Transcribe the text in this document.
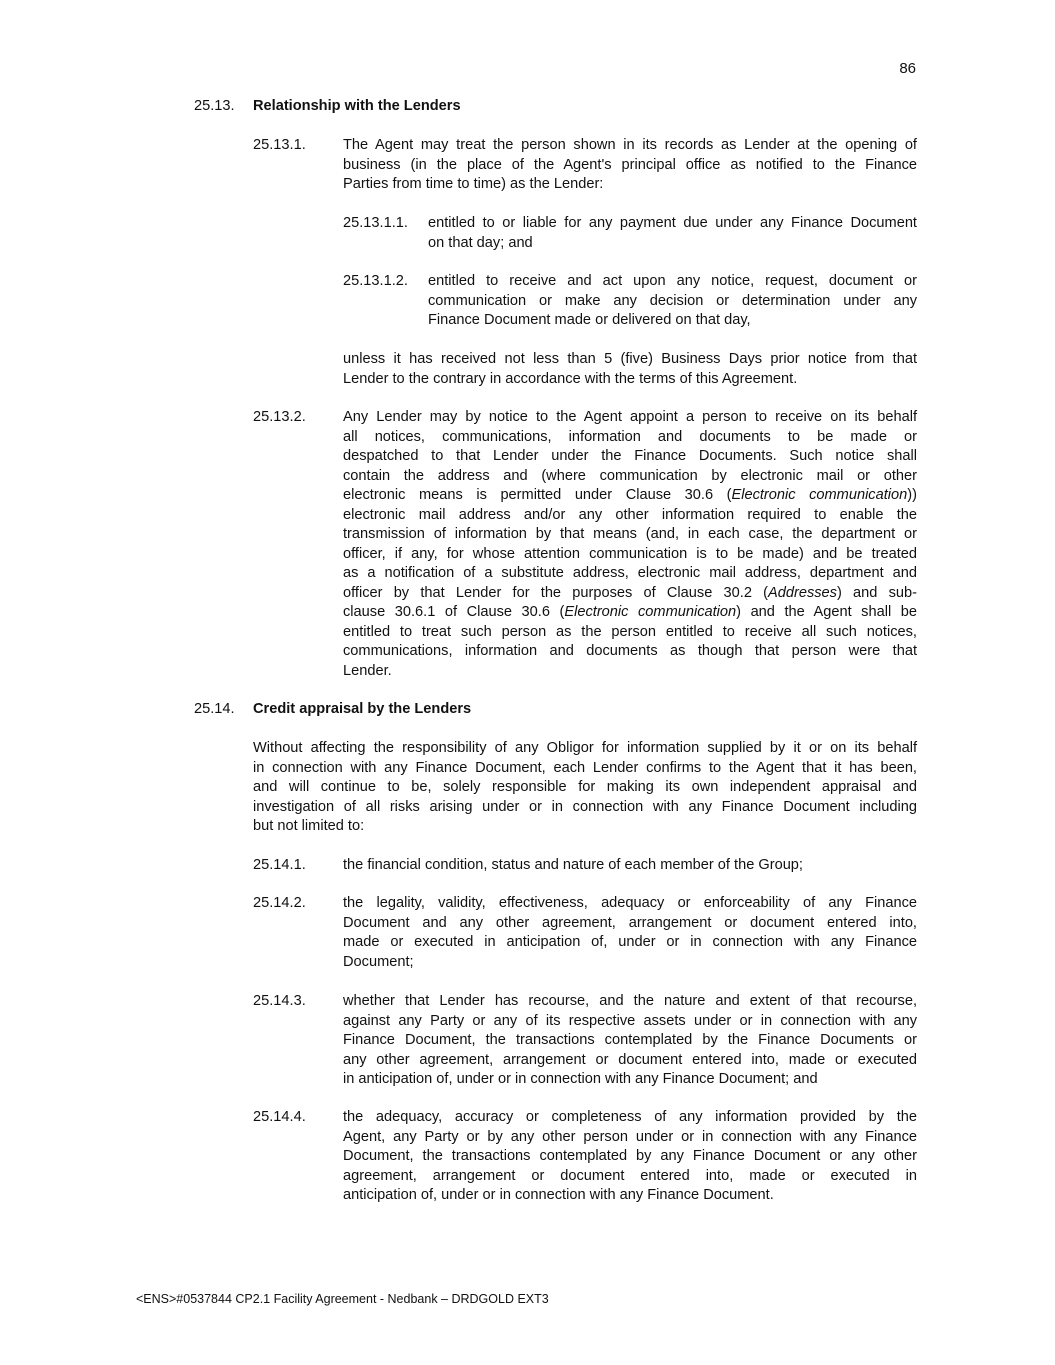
86
25.13. Relationship with the Lenders
25.13.1.	The Agent may treat the person shown in its records as Lender at the opening of
business (in the place of the Agent's principal office as notified to the Finance
Parties from time to time) as the Lender:
25.13.1.1. entitled to or liable for any payment due under any Finance Document
on that day; and
25.13.1.2. entitled to receive and act upon any notice, request, document or
communication or make any decision or determination under any
Finance Document made or delivered on that day,
unless it has received not less than 5 (five) Business Days prior notice from that
Lender to the contrary in accordance with the terms of this Agreement.
25.13.2.	Any Lender may by notice to the Agent appoint a person to receive on its behalf
all notices, communications, information and documents to be made or
despatched to that Lender under the Finance Documents. Such notice shall
contain the address and (where communication by electronic mail or other
electronic means is permitted under Clause 30.6 (Electronic communication))
electronic mail address and/or any other information required to enable the
transmission of information by that means (and, in each case, the department or
officer, if any, for whose attention communication is to be made) and be treated
as a notification of a substitute address, electronic mail address, department and
officer by that Lender for the purposes of Clause 30.2 (Addresses) and sub-
clause 30.6.1 of Clause 30.6 (Electronic communication) and the Agent shall be
entitled to treat such person as the person entitled to receive all such notices,
communications, information and documents as though that person were that
Lender.
25.14. Credit appraisal by the Lenders
Without affecting the responsibility of any Obligor for information supplied by it or on its behalf
in connection with any Finance Document, each Lender confirms to the Agent that it has been,
and will continue to be, solely responsible for making its own independent appraisal and
investigation of all risks arising under or in connection with any Finance Document including
but not limited to:
25.14.1.	the financial condition, status and nature of each member of the Group;
25.14.2.	the legality, validity, effectiveness, adequacy or enforceability of any Finance
Document and any other agreement, arrangement or document entered into,
made or executed in anticipation of, under or in connection with any Finance
Document;
25.14.3.	whether that Lender has recourse, and the nature and extent of that recourse,
against any Party or any of its respective assets under or in connection with any
Finance Document, the transactions contemplated by the Finance Documents or
any other agreement, arrangement or document entered into, made or executed
in anticipation of, under or in connection with any Finance Document; and
25.14.4.	the adequacy, accuracy or completeness of any information provided by the
Agent, any Party or by any other person under or in connection with any Finance
Document, the transactions contemplated by any Finance Document or any other
agreement, arrangement or document entered into, made or executed in
anticipation of, under or in connection with any Finance Document.
<ENS>#0537844 CP2.1 Facility Agreement - Nedbank – DRDGOLD EXT3
